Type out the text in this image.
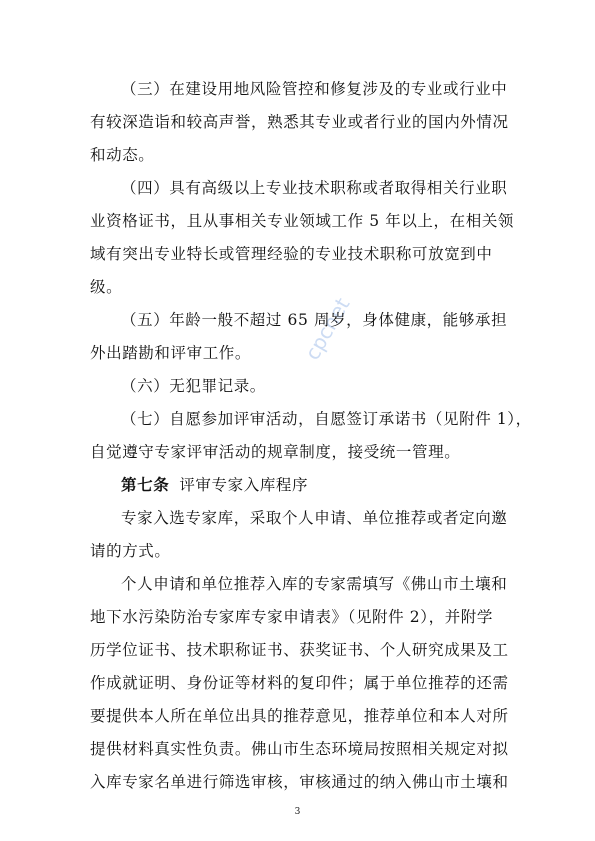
cpcnet
（三）在建设用地风险管控和修复涉及的专业或行业中
有较深造诣和较高声誉，熟悉其专业或者行业的国内外情况
和动态。
（四）具有高级以上专业技术职称或者取得相关行业职
业资格证书，且从事相关专业领域工作 5 年以上，在相关领
域有突出专业特长或管理经验的专业技术职称可放宽到中
级。
（五）年龄一般不超过 65 周岁，身体健康，能够承担
外出踏勘和评审工作。
（六）无犯罪记录。
（七）自愿参加评审活动，自愿签订承诺书（见附件 1），
自觉遵守专家评审活动的规章制度，接受统一管理。
第七条 评审专家入库程序
专家入选专家库，采取个人申请、单位推荐或者定向邀
请的方式。
个人申请和单位推荐入库的专家需填写《佛山市土壤和
地下水污染防治专家库专家申请表》（见附件 2），并附学
历学位证书、技术职称证书、获奖证书、个人研究成果及工
作成就证明、身份证等材料的复印件；属于单位推荐的还需
要提供本人所在单位出具的推荐意见，推荐单位和本人对所
提供材料真实性负责。佛山市生态环境局按照相关规定对拟
入库专家名单进行筛选审核，审核通过的纳入佛山市土壤和
3
